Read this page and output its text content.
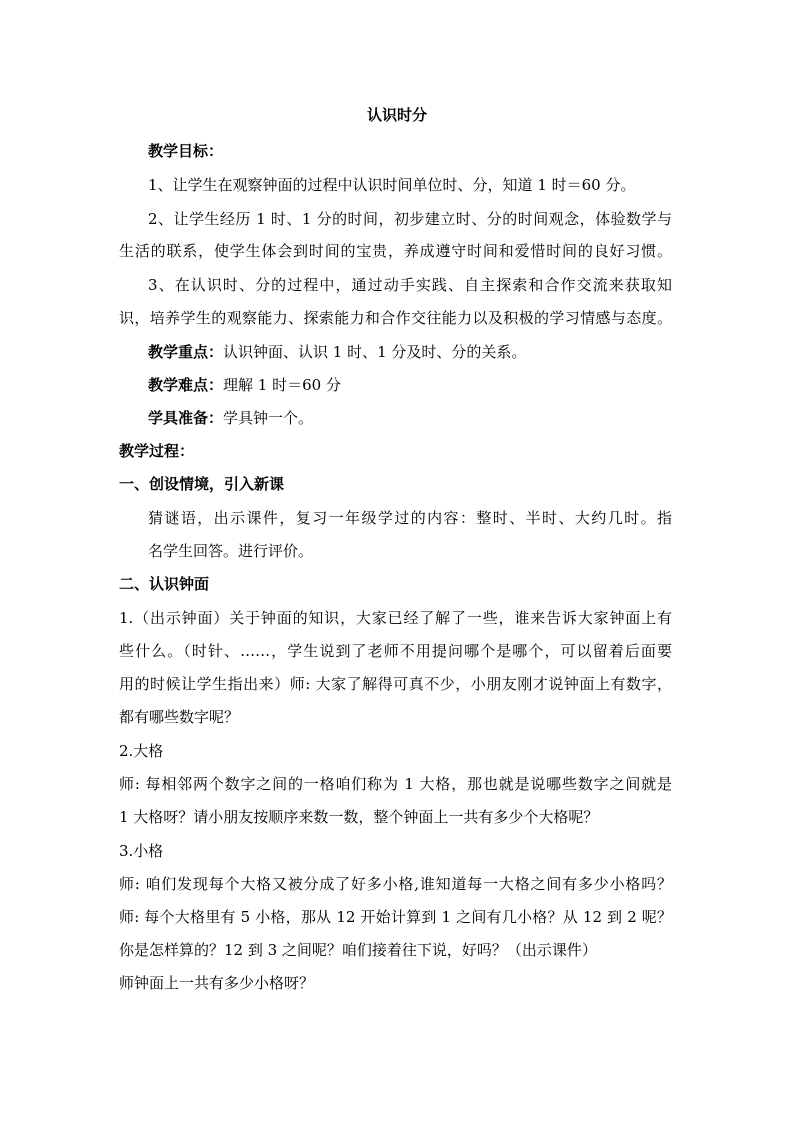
认识时分
教学目标：
1、让学生在观察钟面的过程中认识时间单位时、分，知道 1 时＝60 分。
2、让学生经历 1 时、1 分的时间，初步建立时、分的时间观念，体验数学与
生活的联系，使学生体会到时间的宝贵，养成遵守时间和爱惜时间的良好习惯。
3、在认识时、分的过程中，通过动手实践、自主探索和合作交流来获取知
识，培养学生的观察能力、探索能力和合作交往能力以及积极的学习情感与态度。
教学重点：认识钟面、认识 1 时、1 分及时、分的关系。
教学难点：理解 1 时＝60 分
学具准备：学具钟一个。
教学过程：
一、创设情境，引入新课
猜谜语，出示课件，复习一年级学过的内容：整时、半时、大约几时。指
名学生回答。进行评价。
二、认识钟面
1.（出示钟面）关于钟面的知识，大家已经了解了一些，谁来告诉大家钟面上有
些什么。（时针、……，学生说到了老师不用提问哪个是哪个，可以留着后面要
用的时候让学生指出来）师: 大家了解得可真不少，小朋友刚才说钟面上有数字，
都有哪些数字呢？
2.大格
师: 每相邻两个数字之间的一格咱们称为 1 大格，那也就是说哪些数字之间就是
1 大格呀？请小朋友按顺序来数一数，整个钟面上一共有多少个大格呢？
3.小格
师: 咱们发现每个大格又被分成了好多小格,谁知道每一大格之间有多少小格吗？
师: 每个大格里有 5 小格，那从 12 开始计算到 1 之间有几小格？从 12 到 2 呢？
你是怎样算的？12 到 3 之间呢？咱们接着往下说，好吗？（出示课件）
师钟面上一共有多少小格呀？
